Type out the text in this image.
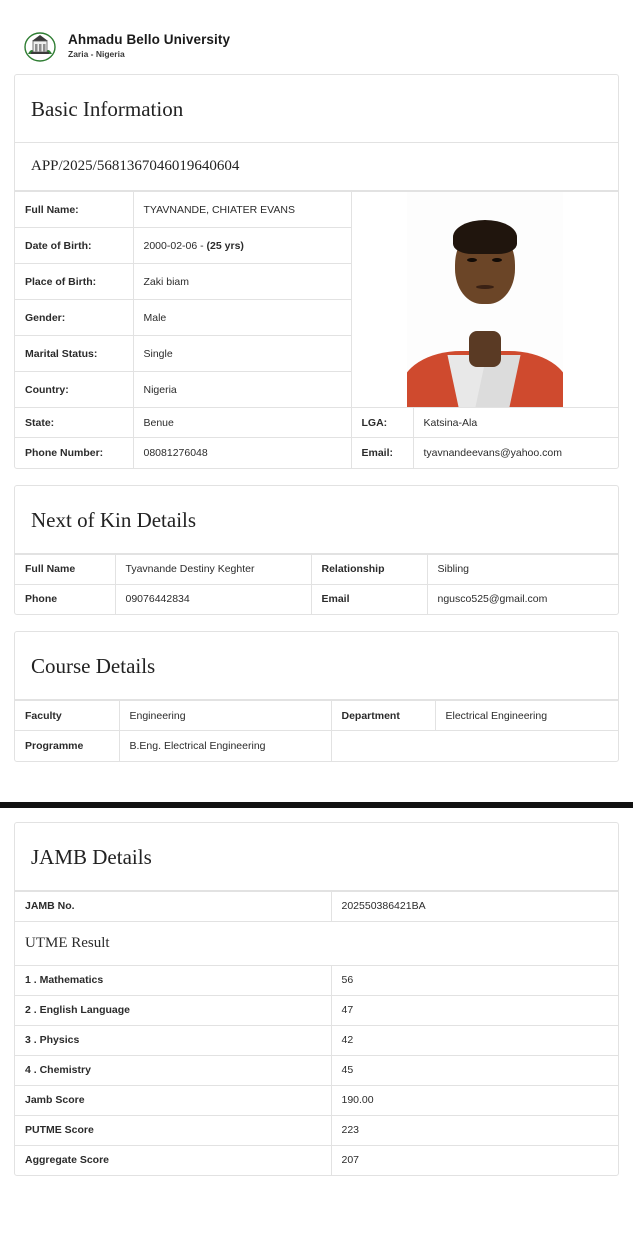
Ahmadu Bello University
Zaria - Nigeria
Basic Information
APP/2025/5681367046019640604
Full Name:	TYAVNANDE, CHIATER EVANS		

Date of Birth:	2000-02-06 - (25 yrs)		
Place of Birth:	Zaki biam		
Gender:	Male		
Marital Status:	Single		
Country:	Nigeria		
State:	Benue	LGA:	Katsina-Ala
Phone Number:	08081276048	Email:	tyavnandeevans@yahoo.com
Next of Kin Details
Full Name	Tyavnande Destiny Keghter	Relationship	Sibling
Phone	09076442834	Email	ngusco525@gmail.com
Course Details
Faculty	Engineering	Department	Electrical Engineering
Programme	B.Eng. Electrical Engineering		
JAMB Details
JAMB No.	202550386421BA
UTME Result	
1 . Mathematics	56
2 . English Language	47
3 . Physics	42
4 . Chemistry	45
Jamb Score	190.00
PUTME Score	223
Aggregate Score	207
